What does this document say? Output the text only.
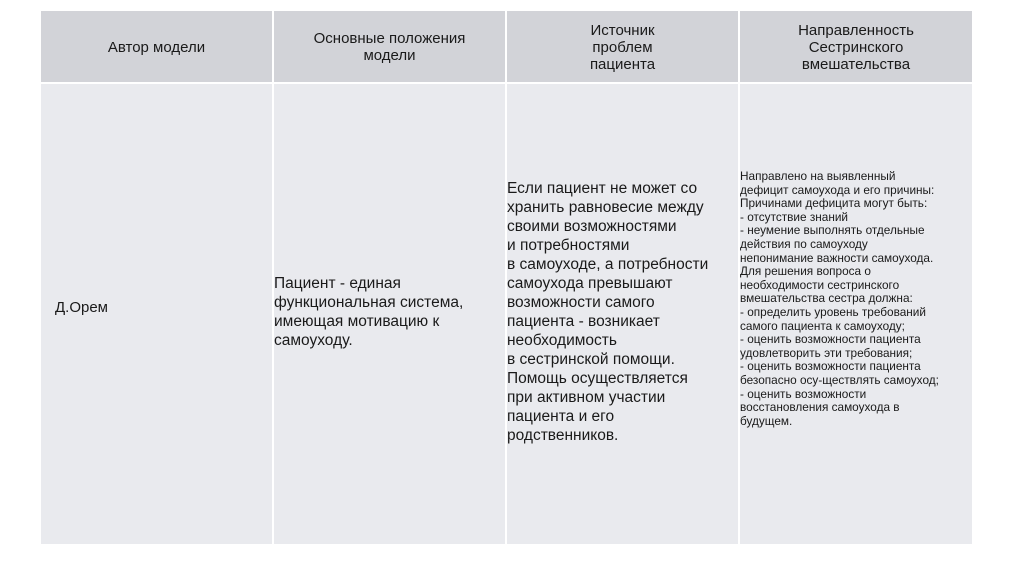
Автор модели	Основные положения
модели
Источник
проблем
пациента
Направленность
Сестринского
вмешательства
Д.Орем
Пациент - единая
функциональная система,
имеющая мотивацию к
самоуходу.
Если пациент не может со
хранить равновесие между
своими возможностями
и потребностями
в самоуходе, а потребности
самоухода превышают
возможности самого
пациента - возникает
необходимость
в сестринской помощи.
Помощь осуществляется
при активном участии
пациента и его
родственников.
Направлено на выявленный
дефицит самоухода и его причины:
Причинами дефицита могут быть:
- отсутствие знаний
- неумение выполнять отдельные
действия по самоуходу
непонимание важности самоухода.
Для решения вопроса о
необходимости сестринского
вмешательства сестра должна:
- определить уровень требований
самого пациента к самоуходу;
- оценить возможности пациента
удовлетворить эти требования;
- оценить возможности пациента
безопасно осу-ществлять самоуход;
- оценить возможности
восстановления самоухода в
будущем.
